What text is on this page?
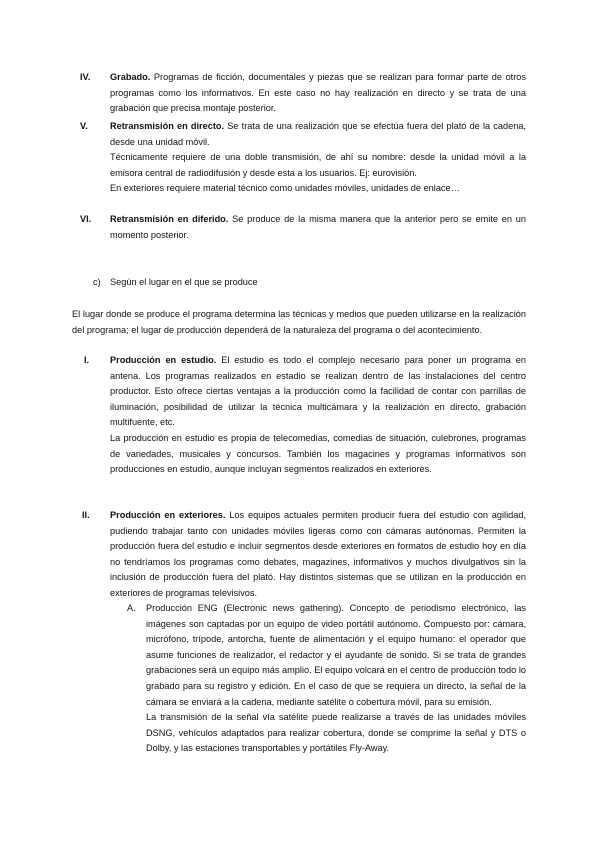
IV. Grabado. Programas de ficción, documentales y piezas que se realizan para formar parte de otros programas como los informativos. En este caso no hay realización en directo y se trata de una grabación que precisa montaje posterior.

V. Retransmisión en directo. Se trata de una realización que se efectúa fuera del plató de la cadena, desde una unidad móvil.

Técnicamente requiere de una doble transmisión, de ahí su nombre: desde la unidad móvil a la emisora central de radiodifusión y desde esta a los usuarios. Ej: eurovisión.

En exteriores requiere material técnico como unidades móviles, unidades de enlace…

VI. Retransmisión en diferido. Se produce de la misma manera que la anterior pero se emite en un momento posterior.

c) Según el lugar en el que se produce
El lugar donde se produce el programa determina las técnicas y medios que pueden utilizarse en la realización del programa; el lugar de producción dependerá de la naturaleza del programa o del acontecimiento.
I. Producción en estudio. El estudio es todo el complejo necesario para poner un programa en antena. Los programas realizados en estadio se realizan dentro de las instalaciones del centro productor. Esto ofrece ciertas ventajas a la producción como la facilidad de contar con parrillas de iluminación, posibilidad de utilizar la técnica multicámara y la realización en directo, grabación multifuente, etc.

La producción en estudio es propia de telecomedias, comedias de situación, culebrones, programas de variedades, musicales y concursos. También los magacines y programas informativos son producciones en estudio, aunque incluyan segmentos realizados en exteriores.

II. Producción en exteriores. Los equipos actuales permiten producir fuera del estudio con agilidad, pudiendo trabajar tanto con unidades móviles ligeras como con cámaras autónomas. Permiten la producción fuera del estudio e incluir segmentos desde exteriores en formatos de estudio hoy en día no tendríamos los programas como debates, magazines, informativos y muchos divulgativos sin la inclusión de producción fuera del plató. Hay distintos sistemas que se utilizan en la producción en exteriores de programas televisivos.

A. Producción ENG (Electronic news gathering). Concepto de periodismo electrónico, las imágenes son captadas por un equipo de video portátil autónomo. Compuesto por: cámara, micrófono, trípode, antorcha, fuente de alimentación y el equipo humano: el operador que asume funciones de realizador, el redactor y el ayudante de sonido. Si se trata de grandes grabaciones será un equipo más amplio. El equipo volcará en el centro de producción todo lo grabado para su registro y edición. En el caso de que se requiera un directo, la señal de la cámara se enviará a la cadena, mediante satélite o cobertura móvil, para su emisión.

La transmisión de la señal vía satélite puede realizarse a través de las unidades móviles DSNG, vehículos adaptados para realizar cobertura, donde se comprime la señal y DTS o Dolby, y las estaciones transportables y portátiles Fly-Away.
